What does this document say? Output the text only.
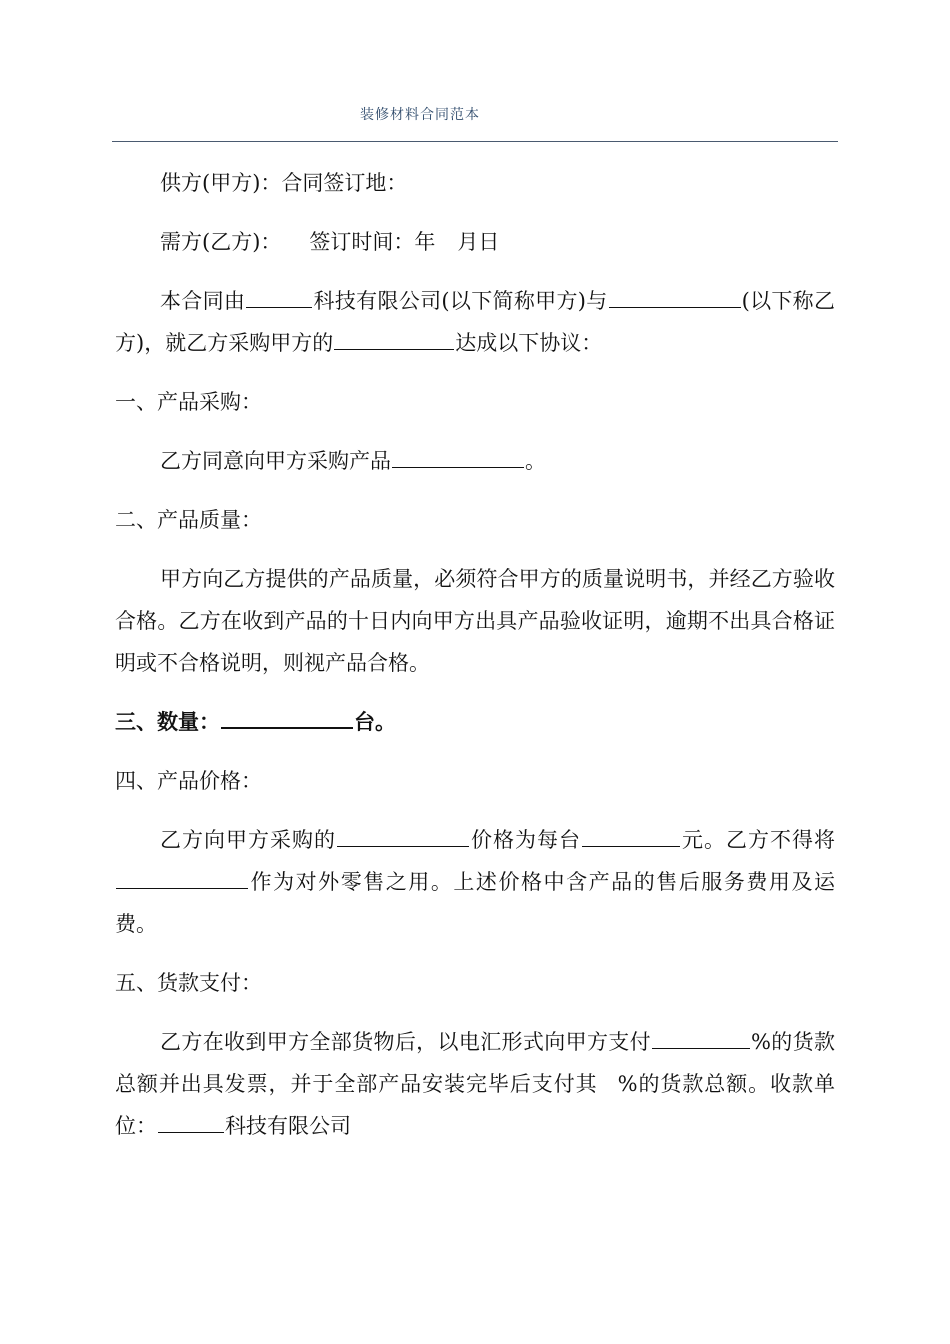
装修材料合同范本

供方(甲方)：合同签订地：

需方(乙方)： 签订时间：年 月日

本合同由	科技有限公司(以下简称甲方)与	(以下称乙方)，就乙方采购甲方的	达成以下协议：

一、产品采购：

乙方同意向甲方采购产品	。

二、产品质量：

甲方向乙方提供的产品质量，必须符合甲方的质量说明书，并经乙方验收合格。乙方在收到产品的十日内向甲方出具产品验收证明，逾期不出具合格证明或不合格说明，则视产品合格。

三、数量：	台。

四、产品价格：

乙方向甲方采购的	价格为每台	元。乙方不得将作为对外零售之用。上述价格中含产品的售后服务费用及运费。

五、货款支付：

乙方在收到甲方全部货物后，以电汇形式向甲方支付	%的货款总额并出具发票，并于全部产品安装完毕后支付其 %的货款总额。收款单位：	科技有限公司
